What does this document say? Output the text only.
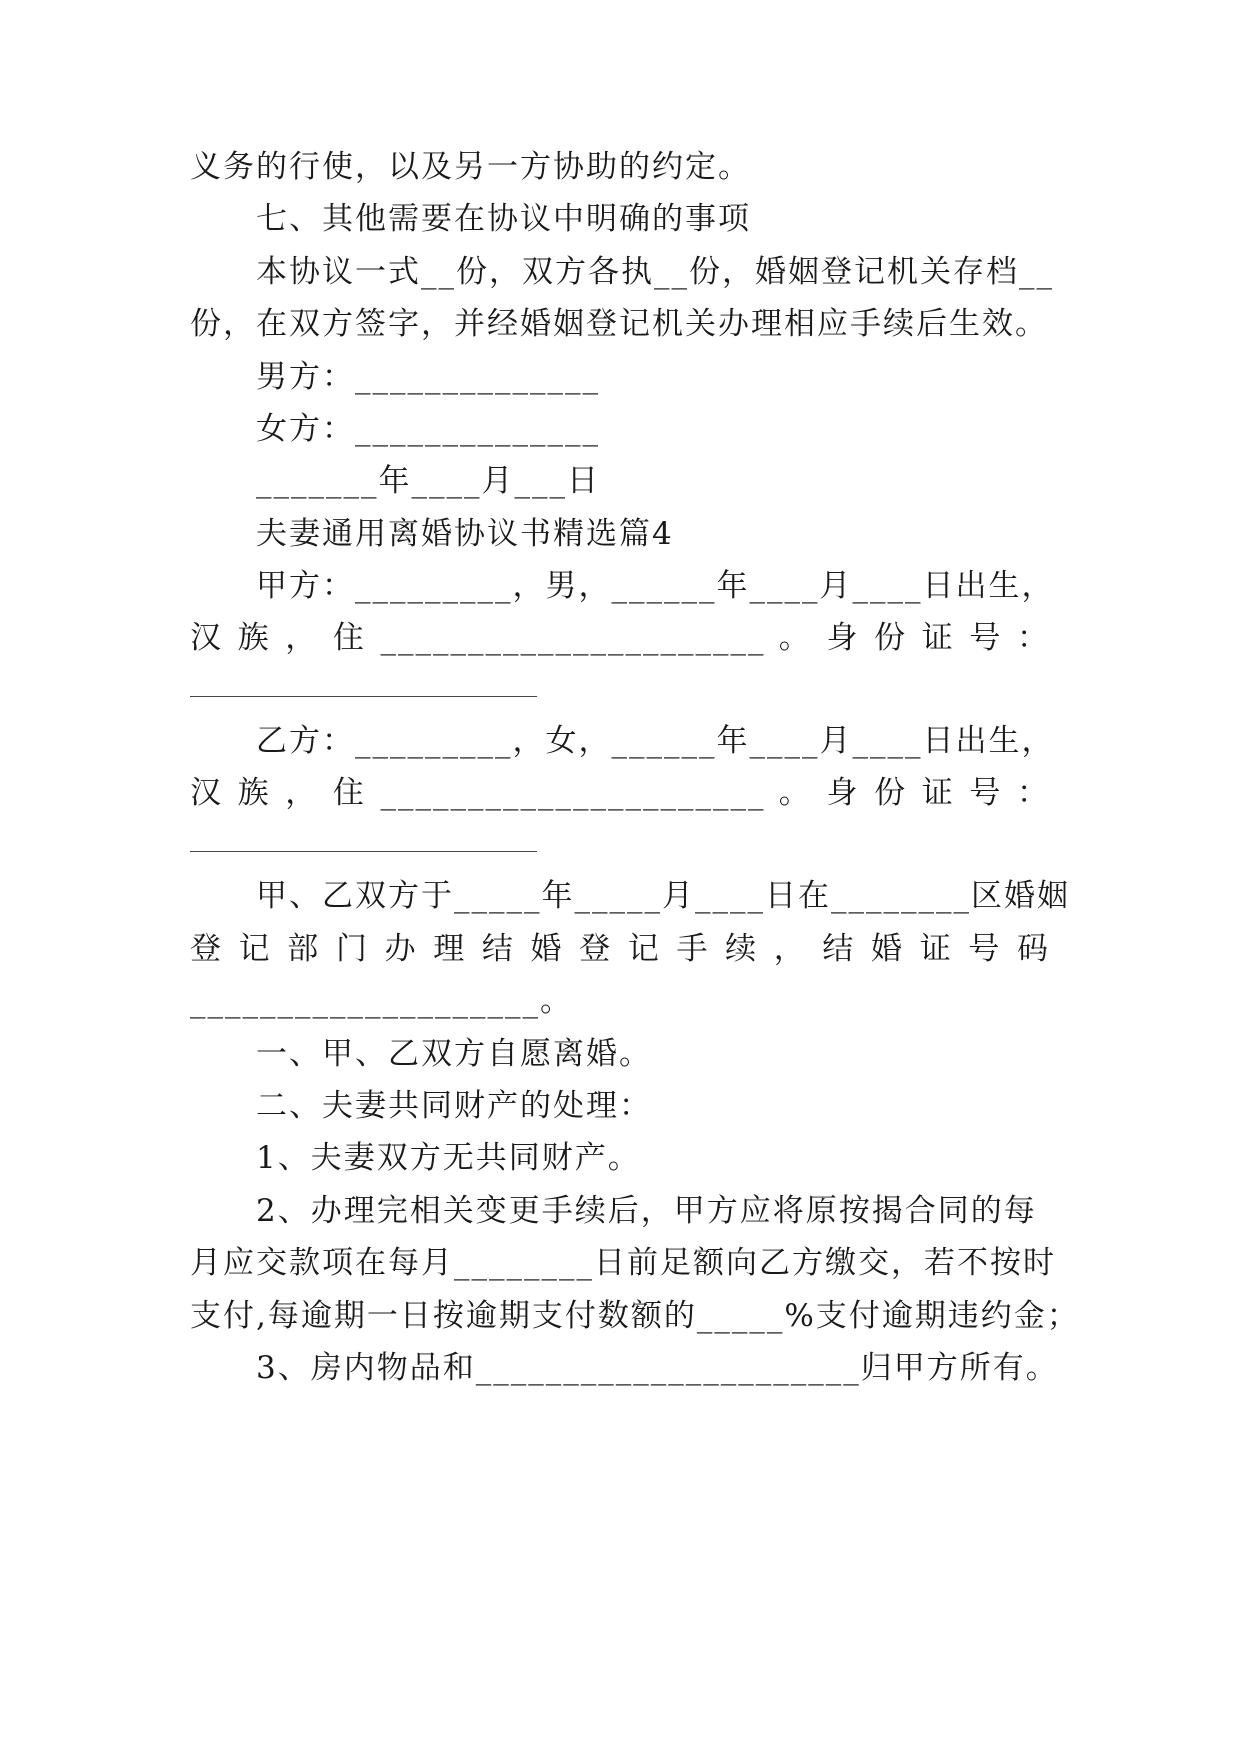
义务的行使，以及另一方协助的约定。
七、其他需要在协议中明确的事项
本协议一式__份，双方各执__份，婚姻登记机关存档__
份，在双方签字，并经婚姻登记机关办理相应手续后生效。
男方：______________
女方：______________
_______年____月___日
夫妻通用离婚协议书精选篇4
甲方：_________，男，______年____月____日出生，
汉 族 ， 住 ______________________ 。 身 份 证 号 ：
乙方：_________，女，______年____月____日出生，
汉 族 ， 住 ______________________ 。 身 份 证 号 ：
甲、乙双方于_____年_____月____日在________区婚姻
登 记 部 门 办 理 结 婚 登 记 手 续 ， 结 婚 证 号 码
____________________。
一、甲、乙双方自愿离婚。
二、夫妻共同财产的处理：
1、夫妻双方无共同财产。
2、办理完相关变更手续后，甲方应将原按揭合同的每
月应交款项在每月________日前足额向乙方缴交，若不按时
支付,每逾期一日按逾期支付数额的_____%支付逾期违约金；
3、房内物品和______________________归甲方所有。
